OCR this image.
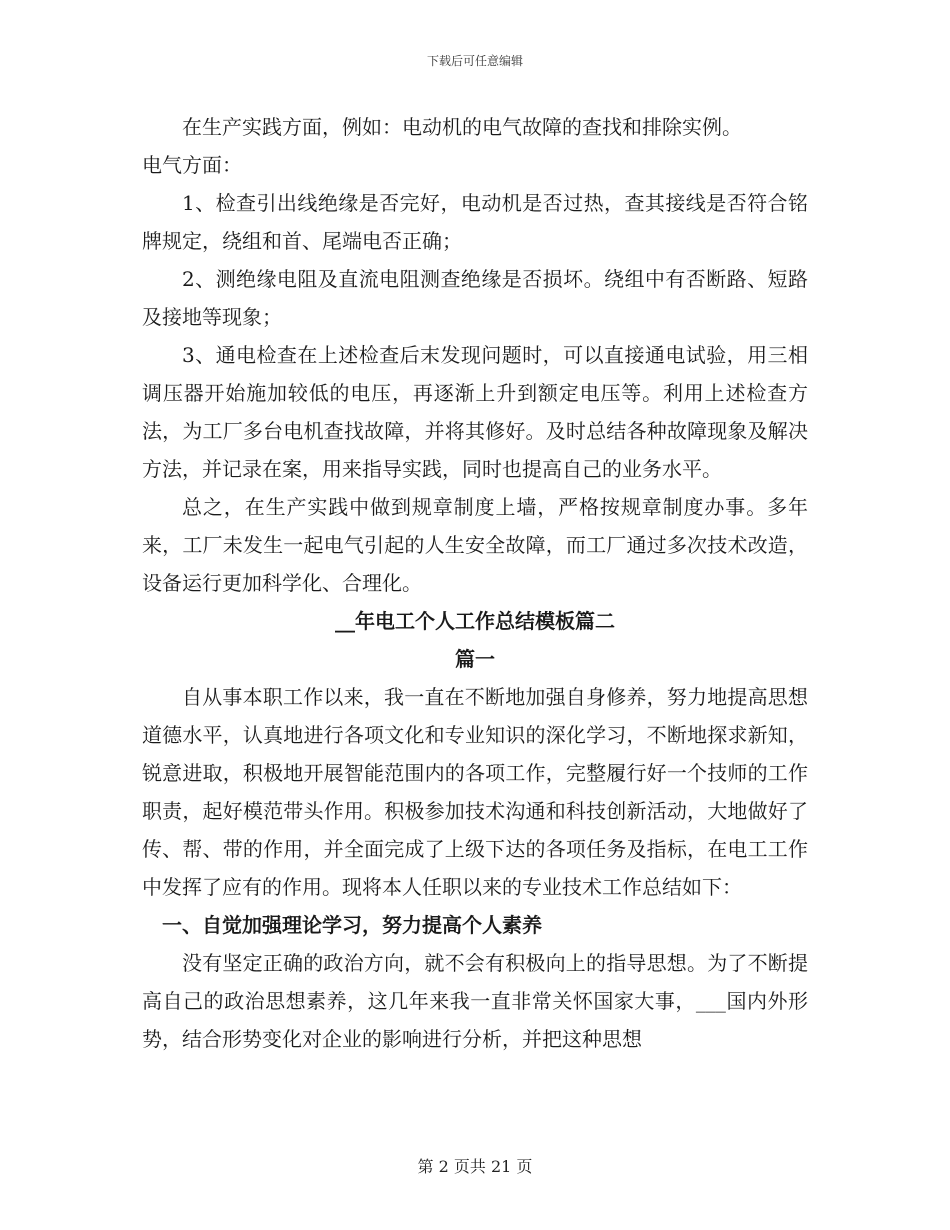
下载后可任意编辑

在生产实践方面，例如：电动机的电气故障的查找和排除实例。

电气方面：

1、检查引出线绝缘是否完好，电动机是否过热，查其接线是否符合铭牌规定，绕组和首、尾端电否正确；

2、测绝缘电阻及直流电阻测查绝缘是否损坏。绕组中有否断路、短路及接地等现象；

3、通电检查在上述检查后末发现问题时，可以直接通电试验，用三相调压器开始施加较低的电压，再逐渐上升到额定电压等。利用上述检查方法，为工厂多台电机查找故障，并将其修好。及时总结各种故障现象及解决方法，并记录在案，用来指导实践，同时也提高自己的业务水平。

总之，在生产实践中做到规章制度上墙，严格按规章制度办事。多年来，工厂未发生一起电气引起的人生安全故障，而工厂通过多次技术改造，设备运行更加科学化、合理化。

__年电工个人工作总结模板篇二

篇一

自从事本职工作以来，我一直在不断地加强自身修养，努力地提高思想道德水平，认真地进行各项文化和专业知识的深化学习，不断地探求新知，锐意进取，积极地开展智能范围内的各项工作，完整履行好一个技师的工作职责，起好模范带头作用。积极参加技术沟通和科技创新活动，大地做好了传、帮、带的作用，并全面完成了上级下达的各项任务及指标，在电工工作中发挥了应有的作用。现将本人任职以来的专业技术工作总结如下：

一、自觉加强理论学习，努力提高个人素养

没有坚定正确的政治方向，就不会有积极向上的指导思想。为了不断提高自己的政治思想素养，这几年来我一直非常关怀国家大事，___国内外形势，结合形势变化对企业的影响进行分析，并把这种思想

第 2 页共 21 页
